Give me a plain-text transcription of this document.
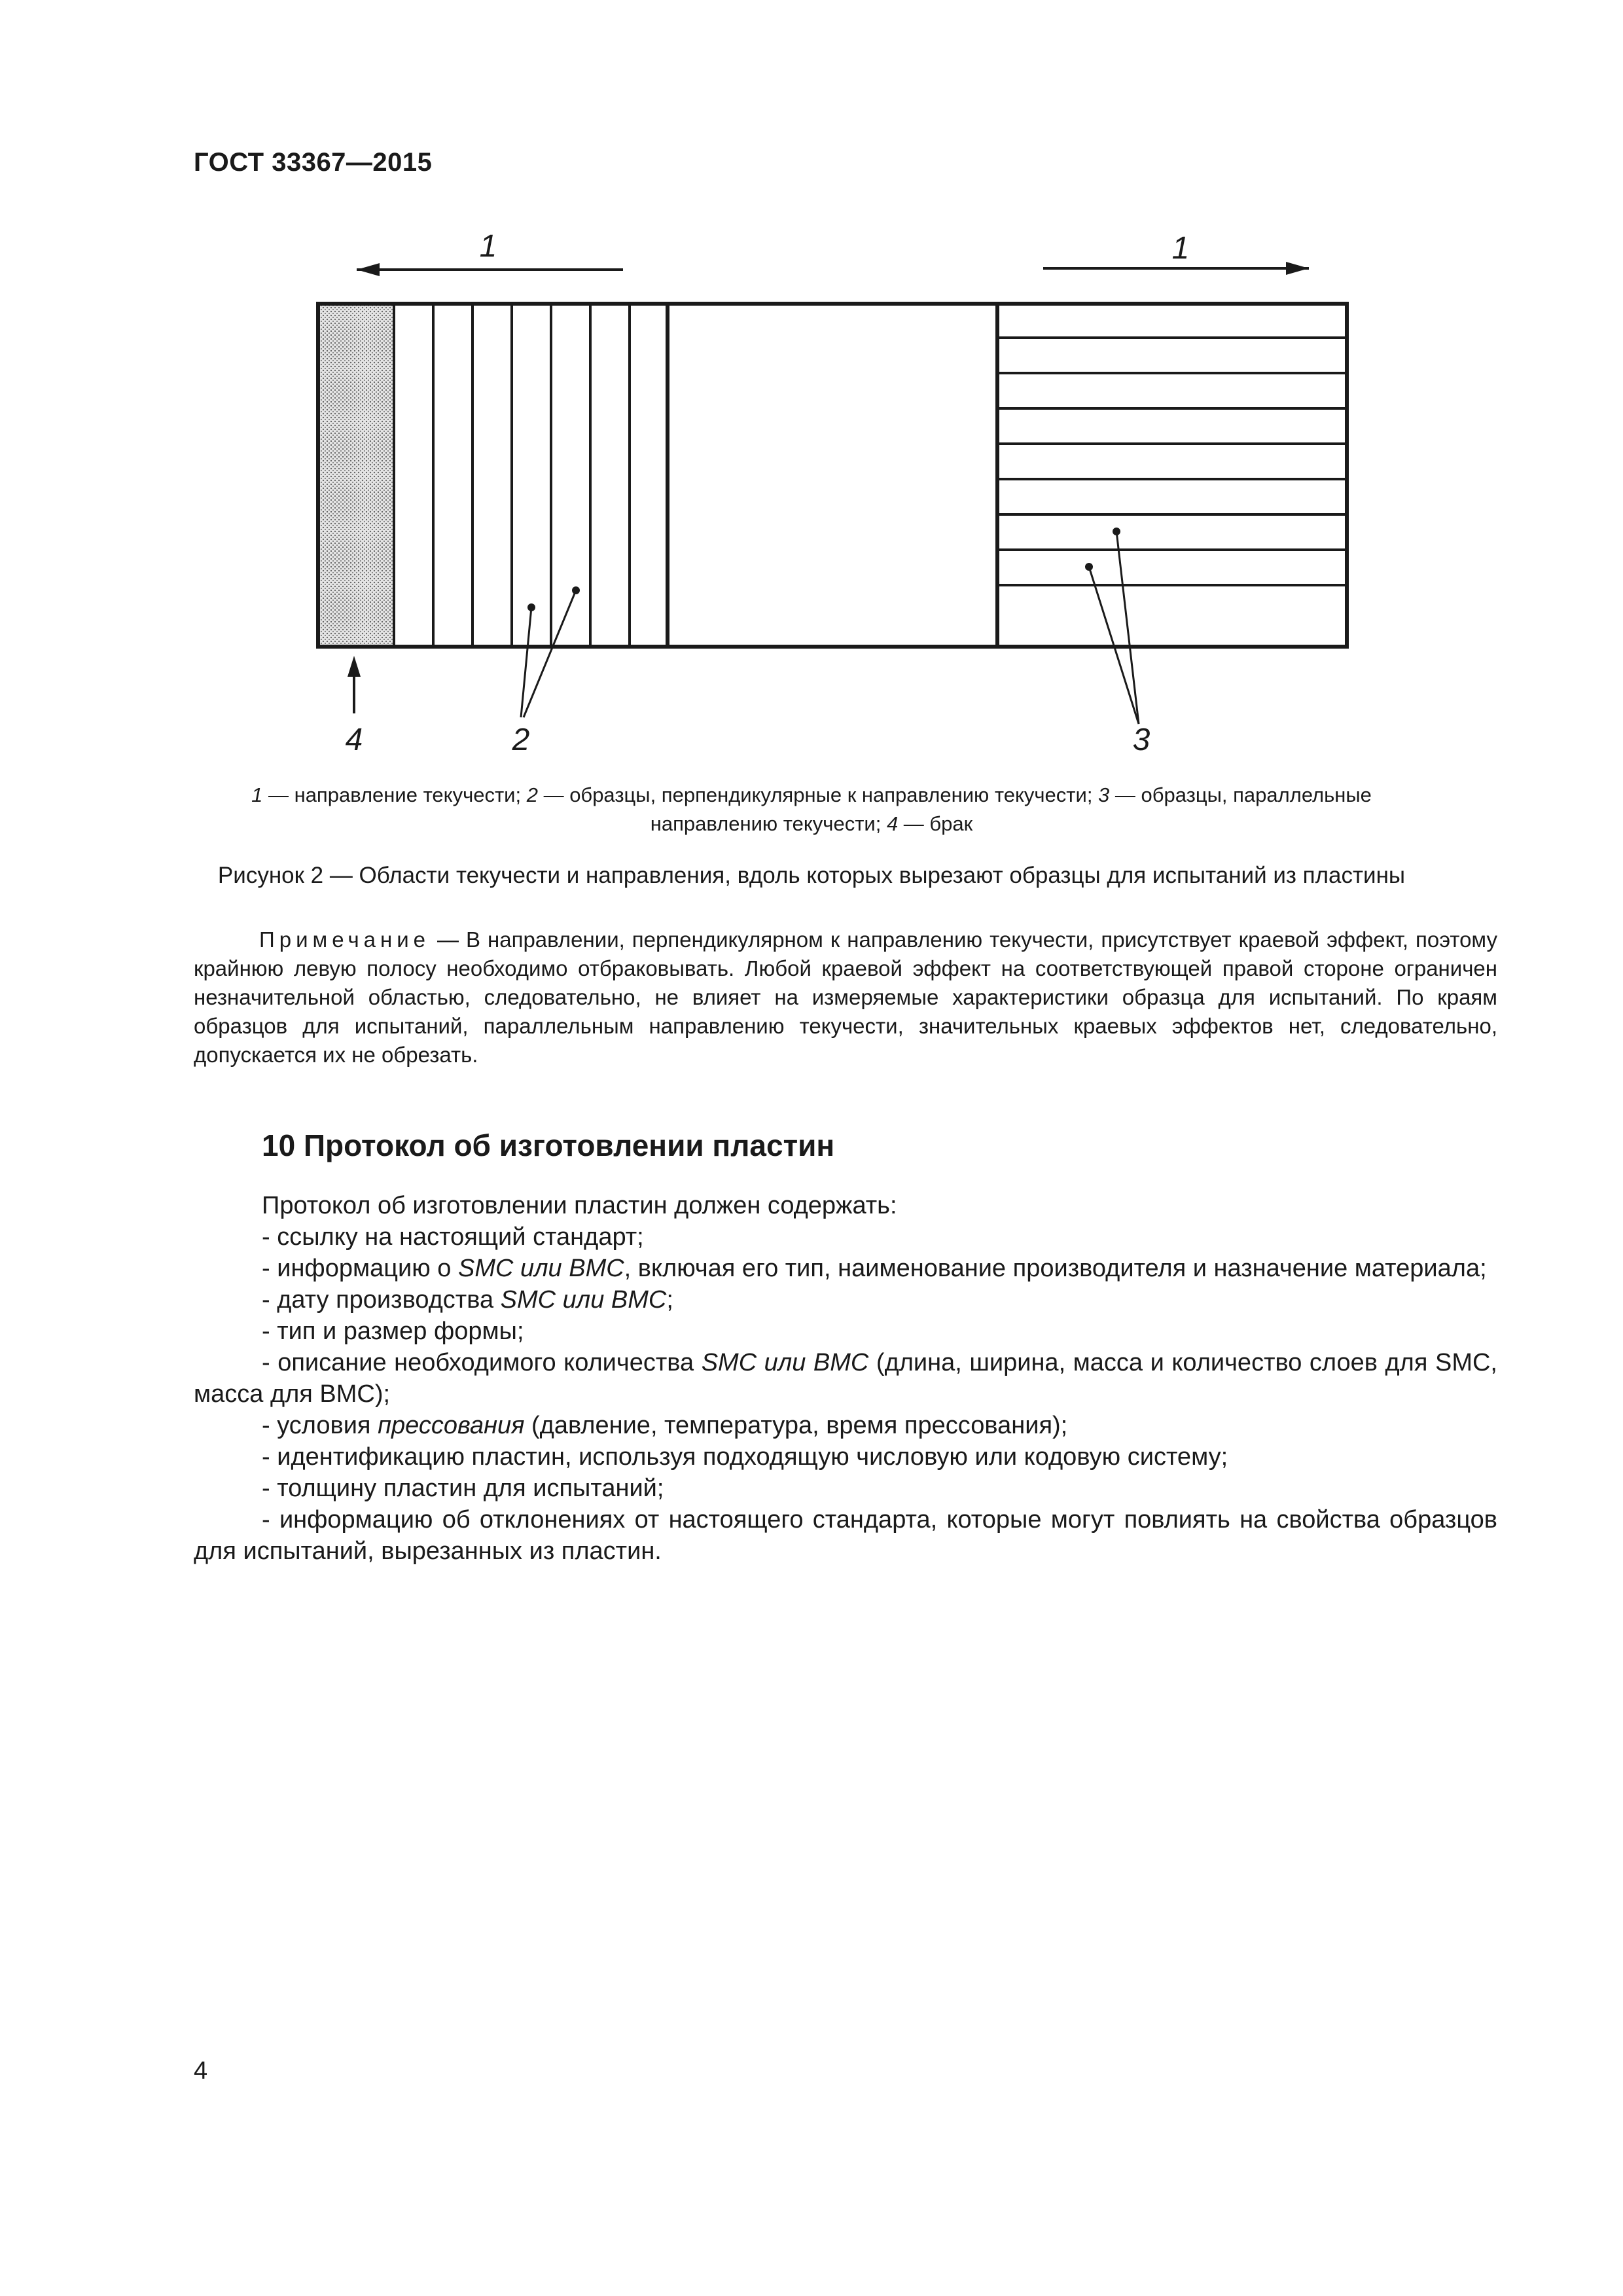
ГОСТ 33367—2015
1	1
4	2	3
1 — направление текучести; 2 — образцы, перпендикулярные к направлению текучести; 3 — образцы, параллельные направлению текучести; 4 — брак
Рисунок 2 — Области текучести и направления, вдоль которых вырезают образцы для испытаний из пластины
Примечание — В направлении, перпендикулярном к направлению текучести, присутствует краевой эффект, поэтому крайнюю левую полосу необходимо отбраковывать. Любой краевой эффект на соответствующей правой стороне ограничен незначительной областью, следовательно, не влияет на измеряемые характеристики образца для испытаний. По краям образцов для испытаний, параллельным направлению текучести, значительных краевых эффектов нет, следовательно, допускается их не обрезать.
10 Протокол об изготовлении пластин

Протокол об изготовлении пластин должен содержать:

- ссылку на настоящий стандарт;

- информацию о SMC или BMC, включая его тип, наименование производителя и назначение материала;

- дату производства SMC или BMC;

- тип и размер формы;

- описание необходимого количества SMC или BMC (длина, ширина, масса и количество слоев для SMC, масса для BMC);

- условия прессования (давление, температура, время прессования);

- идентификацию пластин, используя подходящую числовую или кодовую систему;

- толщину пластин для испытаний;

- информацию об отклонениях от настоящего стандарта, которые могут повлиять на свойства образцов для испытаний, вырезанных из пластин.

4
